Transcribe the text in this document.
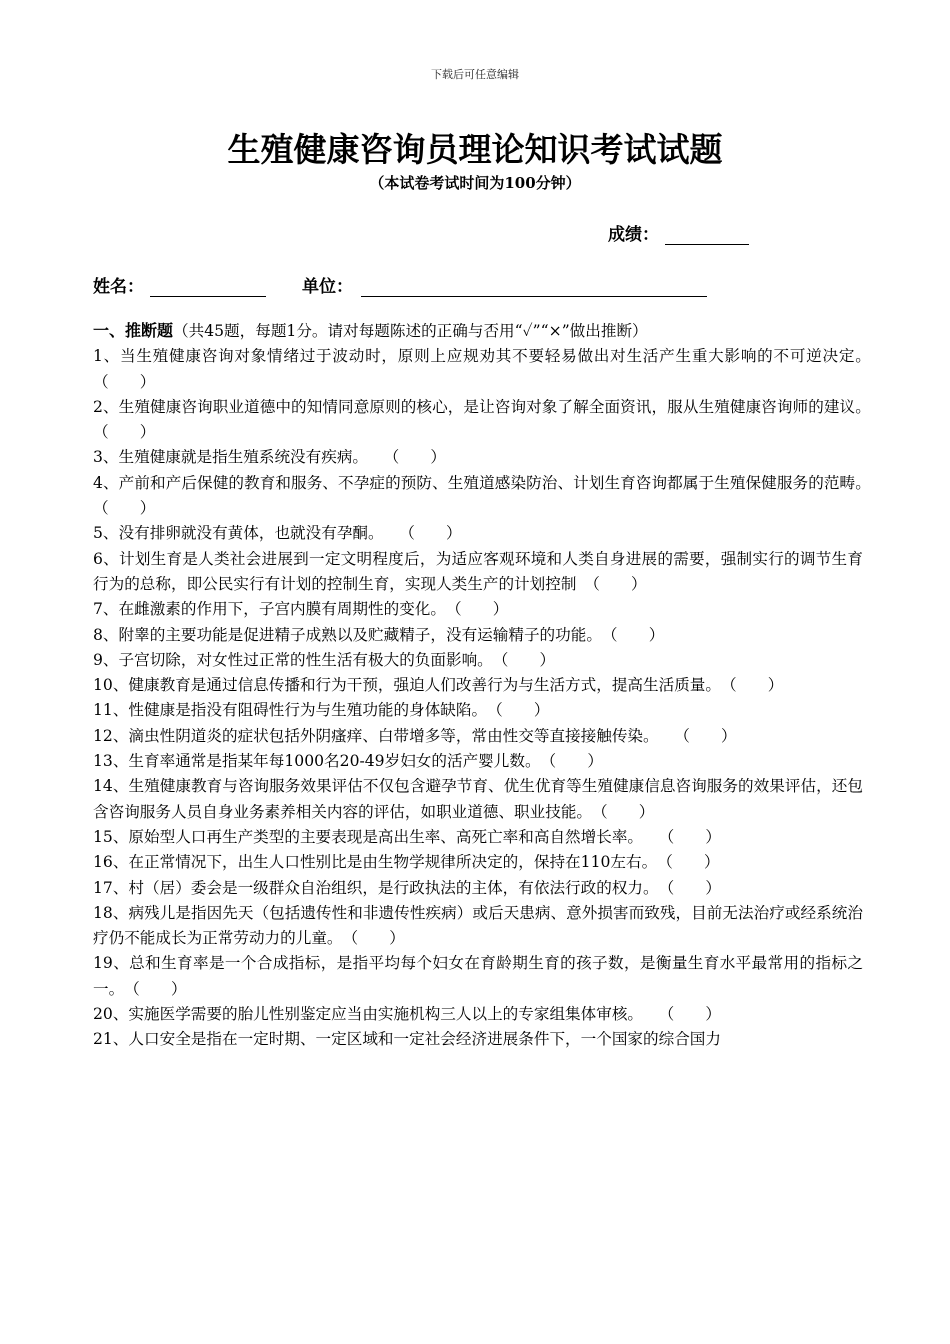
下载后可任意编辑
生殖健康咨询员理论知识考试试题
（本试卷考试时间为100分钟）
成绩：
姓名：	单位：

一、推断题（共45题，每题1分。请对每题陈述的正确与否用“✓”“×”做出推断）

1、当生殖健康咨询对象情绪过于波动时，原则上应规劝其不要轻易做出对生活产生重大影响的不可逆决定。　（　　）

2、生殖健康咨询职业道德中的知情同意原则的核心，是让咨询对象了解全面资讯，服从生殖健康咨询师的建议。　（　　）

3、生殖健康就是指生殖系统没有疾病。　　（　　）

4、产前和产后保健的教育和服务、不孕症的预防、生殖道感染防治、计划生育咨询都属于生殖保健服务的范畴。　（　　）

5、没有排卵就没有黄体，也就没有孕酮。　　（　　）

6、计划生育是人类社会进展到一定文明程度后，为适应客观环境和人类自身进展的需要，强制实行的调节生育行为的总称，即公民实行有计划的控制生育，实现人类生产的计划控制　（　　）

7、在雌激素的作用下，子宫内膜有周期性的变化。　（　　）

8、附睾的主要功能是促进精子成熟以及贮藏精子，没有运输精子的功能。　（　　）

9、子宫切除，对女性过正常的性生活有极大的负面影响。　（　　）

10、健康教育是通过信息传播和行为干预，强迫人们改善行为与生活方式，提高生活质量。　（　　）

11、性健康是指没有阻碍性行为与生殖功能的身体缺陷。　（　　）

12、滴虫性阴道炎的症状包括外阴瘙痒、白带增多等，常由性交等直接接触传染。　　（　　）

13、生育率通常是指某年每1000名20-49岁妇女的活产婴儿数。　（　　）

14、生殖健康教育与咨询服务效果评估不仅包含避孕节育、优生优育等生殖健康信息咨询服务的效果评估，还包含咨询服务人员自身业务素养相关内容的评估，如职业道德、职业技能。　（　　）

15、原始型人口再生产类型的主要表现是高出生率、高死亡率和高自然增长率。　　（　　）

16、在正常情况下，出生人口性别比是由生物学规律所决定的，保持在110左右。　（　　）

17、村（居）委会是一级群众自治组织，是行政执法的主体，有依法行政的权力。　（　　）

18、病残儿是指因先天（包括遗传性和非遗传性疾病）或后天患病、意外损害而致残，目前无法治疗或经系统治疗仍不能成长为正常劳动力的儿童。　（　　）

19、总和生育率是一个合成指标，是指平均每个妇女在育龄期生育的孩子数，是衡量生育水平最常用的指标之一。　（　　）

20、实施医学需要的胎儿性别鉴定应当由实施机构三人以上的专家组集体审核。　　（　　）

21、人口安全是指在一定时期、一定区域和一定社会经济进展条件下，一个国家的综合国力
